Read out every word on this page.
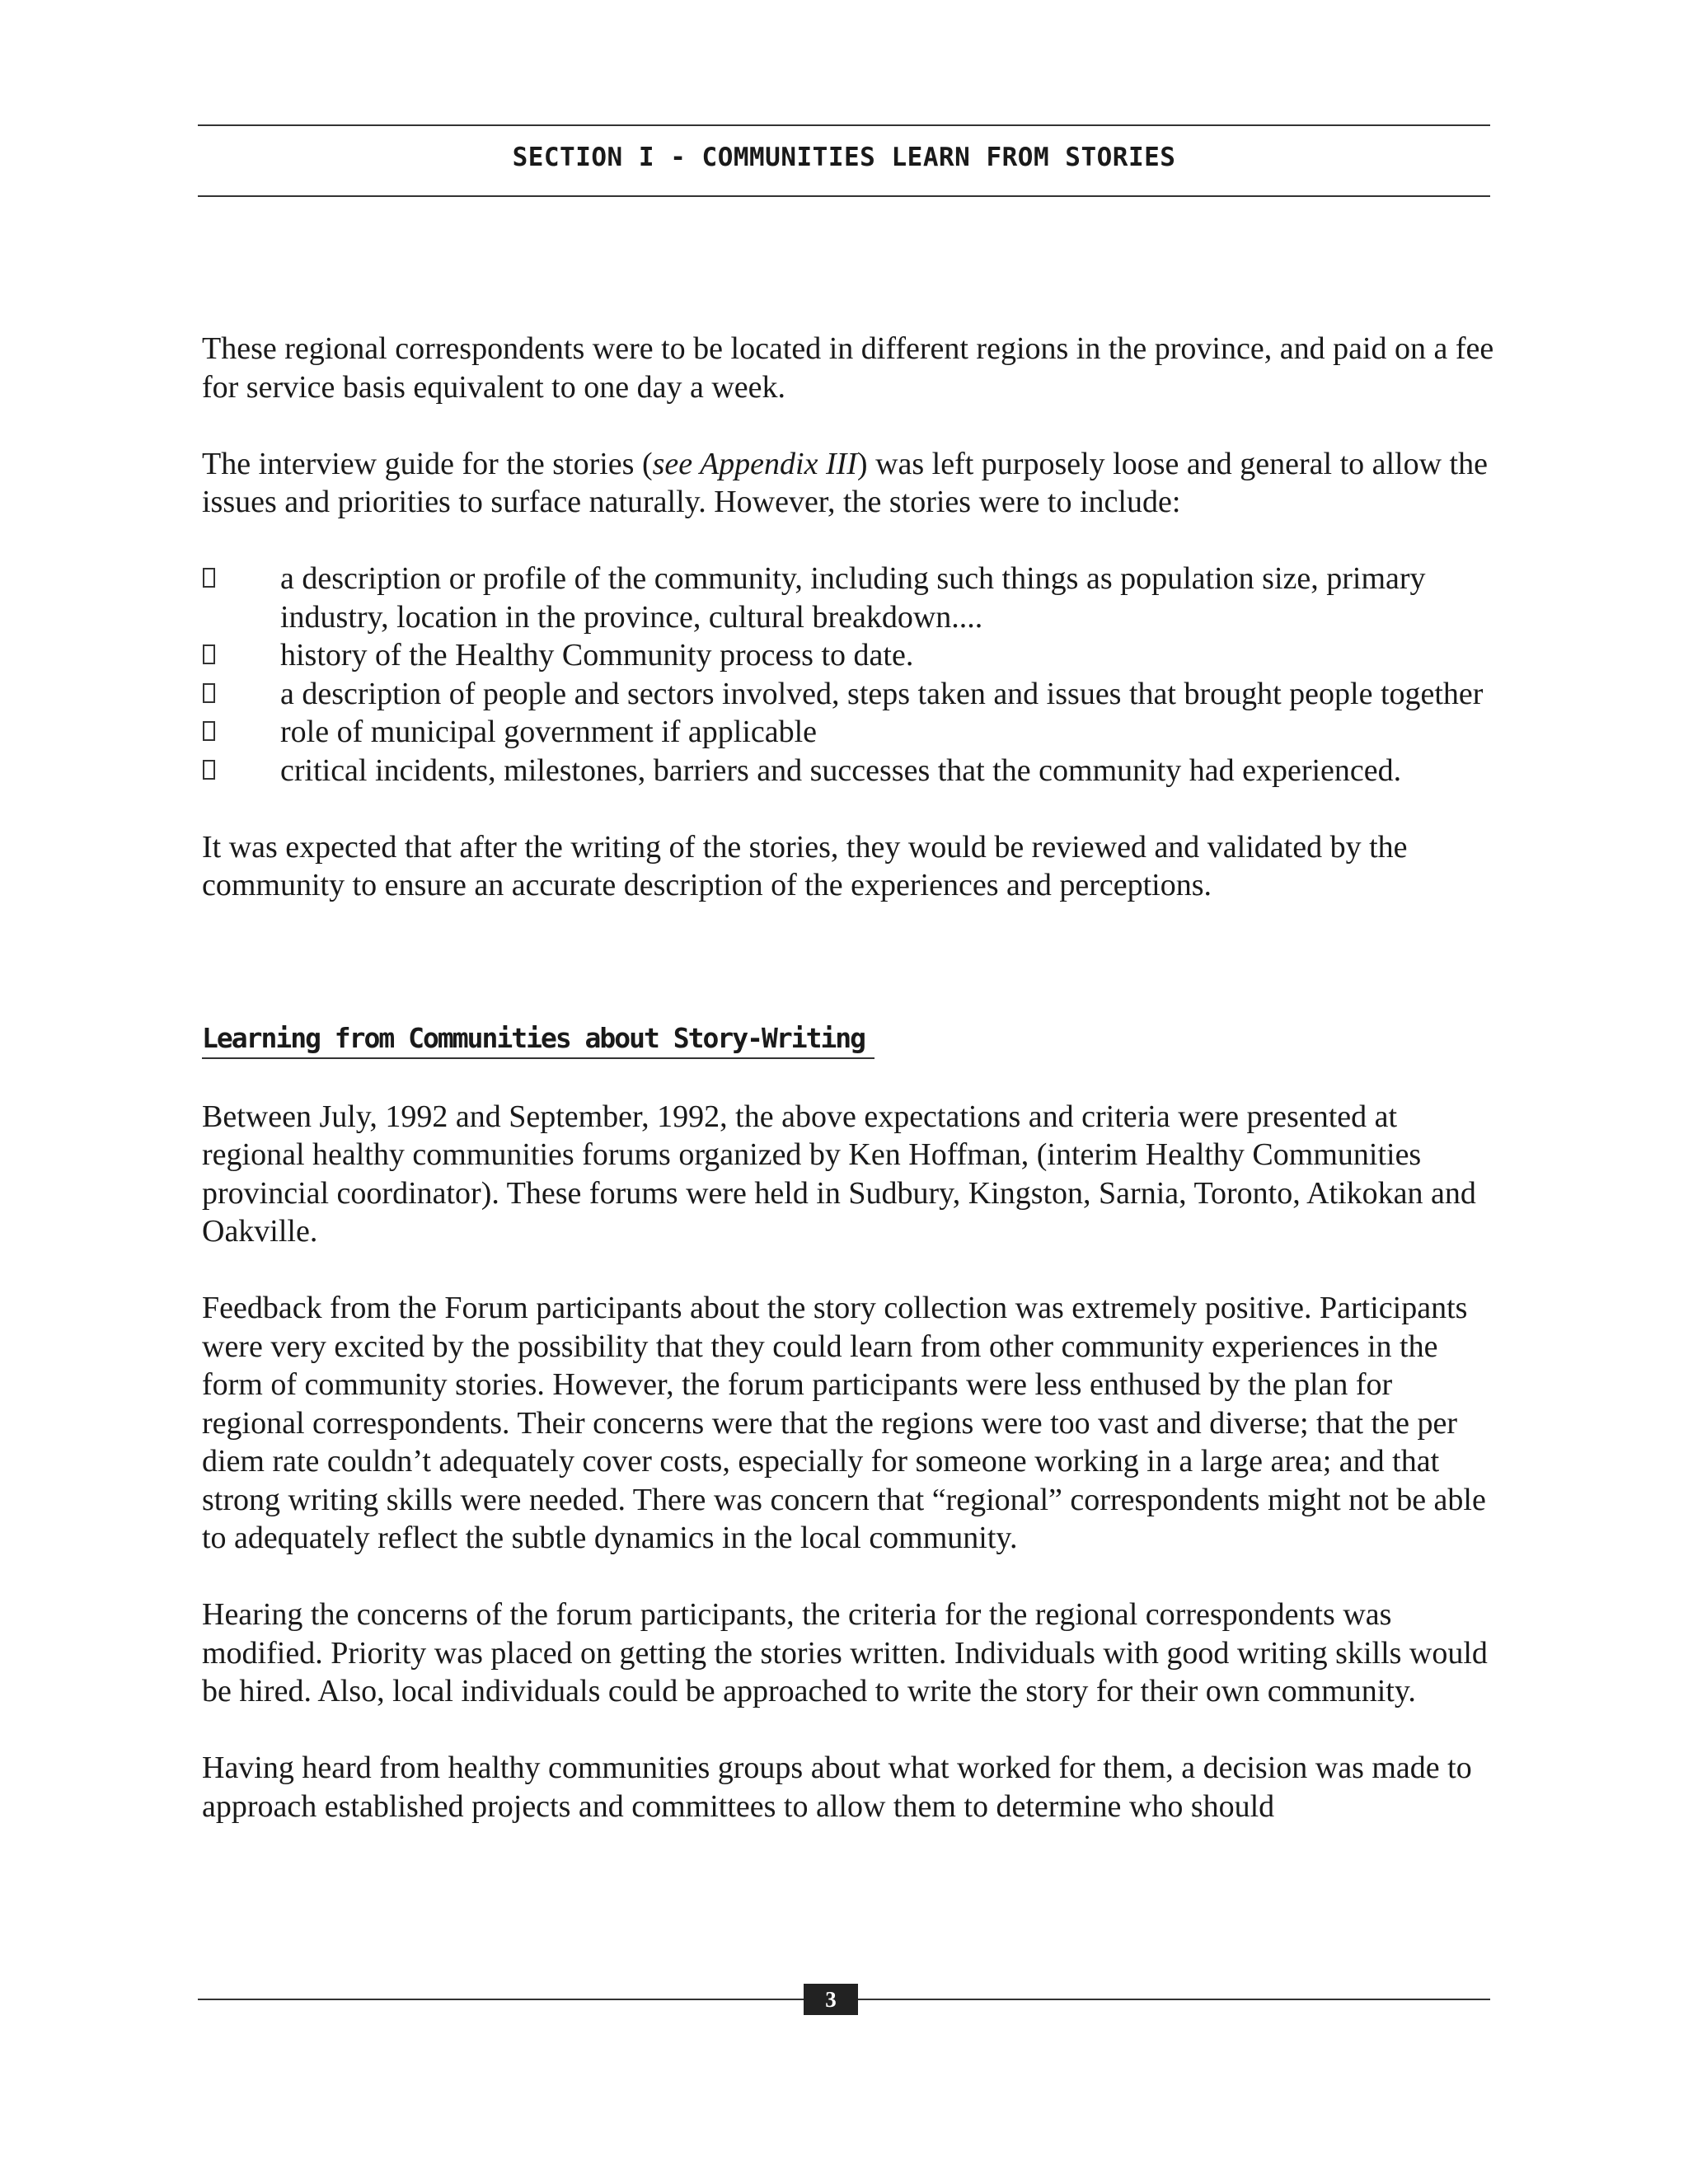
SECTION I - COMMUNITIES LEARN FROM STORIES

These regional correspondents were to be located in different regions in the province, and paid on a fee for service basis equivalent to one day a week.

The interview guide for the stories (see Appendix III) was left purposely loose and general to allow the issues and priorities to surface naturally. However, the stories were to include:

a description or profile of the community, including such things as population size, primary industry, location in the province, cultural breakdown....
history of the Healthy Community process to date.
a description of people and sectors involved, steps taken and issues that brought people together
role of municipal government if applicable
critical incidents, milestones, barriers and successes that the community had experienced.

It was expected that after the writing of the stories, they would be reviewed and validated by the community to ensure an accurate description of the experiences and perceptions.

Learning from Communities about Story-Writing

Between July, 1992 and September, 1992, the above expectations and criteria were presented at regional healthy communities forums organized by Ken Hoffman, (interim Healthy Communities provincial coordinator). These forums were held in Sudbury, Kingston, Sarnia, Toronto, Atikokan and Oakville.

Feedback from the Forum participants about the story collection was extremely positive. Participants were very excited by the possibility that they could learn from other community experiences in the form of community stories. However, the forum participants were less enthused by the plan for regional correspondents. Their concerns were that the regions were too vast and diverse; that the per diem rate couldn’t adequately cover costs, especially for someone working in a large area; and that strong writing skills were needed. There was concern that “regional” correspondents might not be able to adequately reflect the subtle dynamics in the local community.

Hearing the concerns of the forum participants, the criteria for the regional correspondents was modified. Priority was placed on getting the stories written. Individuals with good writing skills would be hired. Also, local individuals could be approached to write the story for their own community.

Having heard from healthy communities groups about what worked for them, a decision was made to approach established projects and committees to allow them to determine who should

3
